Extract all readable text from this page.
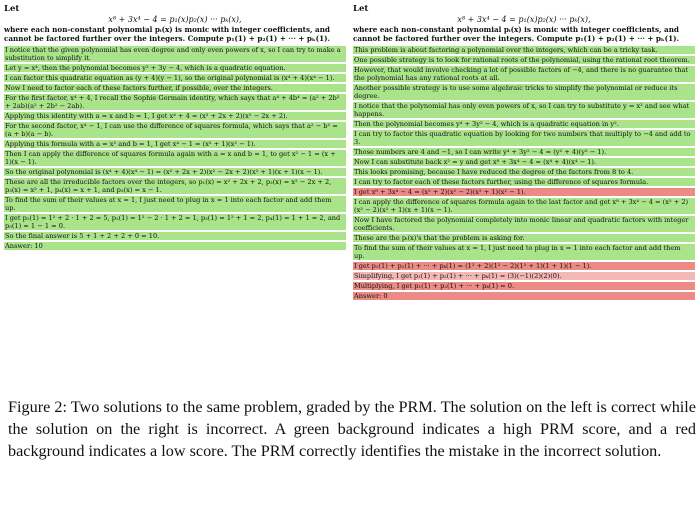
Let
x⁸ + 3x⁴ − 4 = p₁(x)p₂(x) ··· pₖ(x),
where each non-constant polynomial pᵢ(x) is monic with integer coefficients, and cannot be factored further over the integers. Compute p₁(1) + p₂(1) + ··· + pₖ(1).
I notice that the given polynomial has even degree and only even powers of x, so I can try to make a substitution to simplify it.
Let y = x⁴, then the polynomial becomes y² + 3y − 4, which is a quadratic equation.
I can factor this quadratic equation as (y + 4)(y − 1), so the original polynomial is (x⁴ + 4)(x⁴ − 1).
Now I need to factor each of these factors further, if possible, over the integers.
For the first factor, x⁴ + 4, I recall the Sophie Germain identity, which says that a⁴ + 4b⁴ = (a² + 2b² + 2ab)(a² + 2b² − 2ab).
Applying this identity with a = x and b = 1, I get x⁴ + 4 = (x² + 2x + 2)(x² − 2x + 2).
For the second factor, x⁴ − 1, I can use the difference of squares formula, which says that a² − b² = (a + b)(a − b).
Applying this formula with a = x² and b = 1, I get x⁴ − 1 = (x² + 1)(x² − 1).
Then I can apply the difference of squares formula again with a = x and b = 1, to get x² − 1 = (x + 1)(x − 1).
So the original polynomial is (x⁴ + 4)(x⁴ − 1) = (x² + 2x + 2)(x² − 2x + 2)(x² + 1)(x + 1)(x − 1).
These are all the irreducible factors over the integers, so p₁(x) = x² + 2x + 2, p₂(x) = x² − 2x + 2, p₃(x) = x² + 1, p₄(x) = x + 1, and p₅(x) = x − 1.
To find the sum of their values at x = 1, I just need to plug in x = 1 into each factor and add them up.
I get p₁(1) = 1² + 2 · 1 + 2 = 5, p₂(1) = 1² − 2 · 1 + 2 = 1, p₃(1) = 1² + 1 = 2, p₄(1) = 1 + 1 = 2, and p₅(1) = 1 − 1 = 0.
So the final answer is 5 + 1 + 2 + 2 + 0 = 10.
Answer: 10
Let
x⁸ + 3x⁴ − 4 = p₁(x)p₂(x) ··· pₖ(x),
where each non-constant polynomial pᵢ(x) is monic with integer coefficients, and cannot be factored further over the integers. Compute p₁(1) + p₂(1) + ··· + pₖ(1).
This problem is about factoring a polynomial over the integers, which can be a tricky task.
One possible strategy is to look for rational roots of the polynomial, using the rational root theorem.
However, that would involve checking a lot of possible factors of −4, and there is no guarantee that the polynomial has any rational roots at all.
Another possible strategy is to use some algebraic tricks to simplify the polynomial or reduce its degree.
I notice that the polynomial has only even powers of x, so I can try to substitute y = x² and see what happens.
Then the polynomial becomes y⁴ + 3y² − 4, which is a quadratic equation in y².
I can try to factor this quadratic equation by looking for two numbers that multiply to −4 and add to 3.
Those numbers are 4 and −1, so I can write y⁴ + 3y² − 4 = (y² + 4)(y² − 1).
Now I can substitute back x² = y and get x⁸ + 3x⁴ − 4 = (x⁴ + 4)(x⁴ − 1).
This looks promising, because I have reduced the degree of the factors from 8 to 4.
I can try to factor each of these factors further, using the difference of squares formula.
I get x⁸ + 3x⁴ − 4 = (x² + 2)(x² − 2)(x² + 1)(x² − 1).
I can apply the difference of squares formula again to the last factor and get x⁸ + 3x⁴ − 4 = (x² + 2)(x² − 2)(x² + 1)(x + 1)(x − 1).
Now I have factored the polynomial completely into monic linear and quadratic factors with integer coefficients.
These are the pᵢ(x)'s that the problem is asking for.
To find the sum of their values at x = 1, I just need to plug in x = 1 into each factor and add them up.
I get p₁(1) + p₂(1) + ··· + pₖ(1) = (1² + 2)(1² − 2)(1² + 1)(1 + 1)(1 − 1).
Simplifying, I get p₁(1) + p₂(1) + ··· + pₖ(1) = (3)(−1)(2)(2)(0).
Multiplying, I get p₁(1) + p₂(1) + ··· + pₖ(1) = 0.
Answer: 0
Figure 2: Two solutions to the same problem, graded by the PRM. The solution on the left is correct while the solution on the right is incorrect. A green background indicates a high PRM score, and a red background indicates a low score. The PRM correctly identifies the mistake in the incorrect solution.
